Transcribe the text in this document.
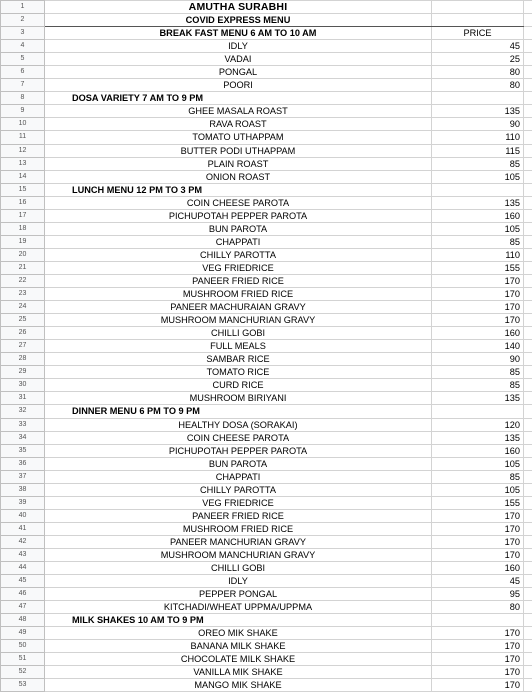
1	AMUTHA SURABHI		
2	COVID EXPRESS MENU		
3	BREAK FAST MENU 6 AM TO 10 AM	PRICE	
4	IDLY	45	
5	VADAI	25	
6	PONGAL	80	
7	POORI	80	
8	DOSA VARIETY 7 AM TO 9 PM		
9	GHEE MASALA ROAST	135	
10	RAVA ROAST	90	
11	TOMATO UTHAPPAM	110	
12	BUTTER PODI UTHAPPAM	115	
13	PLAIN ROAST	85	
14	ONION ROAST	105	
15	LUNCH MENU 12 PM TO 3 PM		
16	COIN CHEESE PAROTA	135	
17	PICHUPOTAH PEPPER PAROTA	160	
18	BUN PAROTA	105	
19	CHAPPATI	85	
20	CHILLY PAROTTA	110	
21	VEG FRIEDRICE	155	
22	PANEER FRIED RICE	170	
23	MUSHROOM FRIED RICE	170	
24	PANEER MACHURAIAN GRAVY	170	
25	MUSHROOM MANCHURIAN GRAVY	170	
26	CHILLI GOBI	160	
27	FULL MEALS	140	
28	SAMBAR RICE	90	
29	TOMATO RICE	85	
30	CURD RICE	85	
31	MUSHROOM BIRIYANI	135	
32	DINNER MENU 6 PM TO 9 PM		
33	HEALTHY DOSA (SORAKAI)	120	
34	COIN CHEESE PAROTA	135	
35	PICHUPOTAH PEPPER PAROTA	160	
36	BUN PAROTA	105	
37	CHAPPATI	85	
38	CHILLY PAROTTA	105	
39	VEG FRIEDRICE	155	
40	PANEER FRIED RICE	170	
41	MUSHROOM FRIED RICE	170	
42	PANEER MANCHURIAN GRAVY	170	
43	MUSHROOM MANCHURIAN GRAVY	170	
44	CHILLI GOBI	160	
45	IDLY	45	
46	PEPPER PONGAL	95	
47	KITCHADI/WHEAT UPPMA/UPPMA	80	
48	MILK SHAKES 10 AM TO 9 PM		
49	OREO MIK SHAKE	170	
50	BANANA MILK SHAKE	170	
51	CHOCOLATE MILK SHAKE	170	
52	VANILLA MIK SHAKE	170	
53	MANGO MIK SHAKE	170	
